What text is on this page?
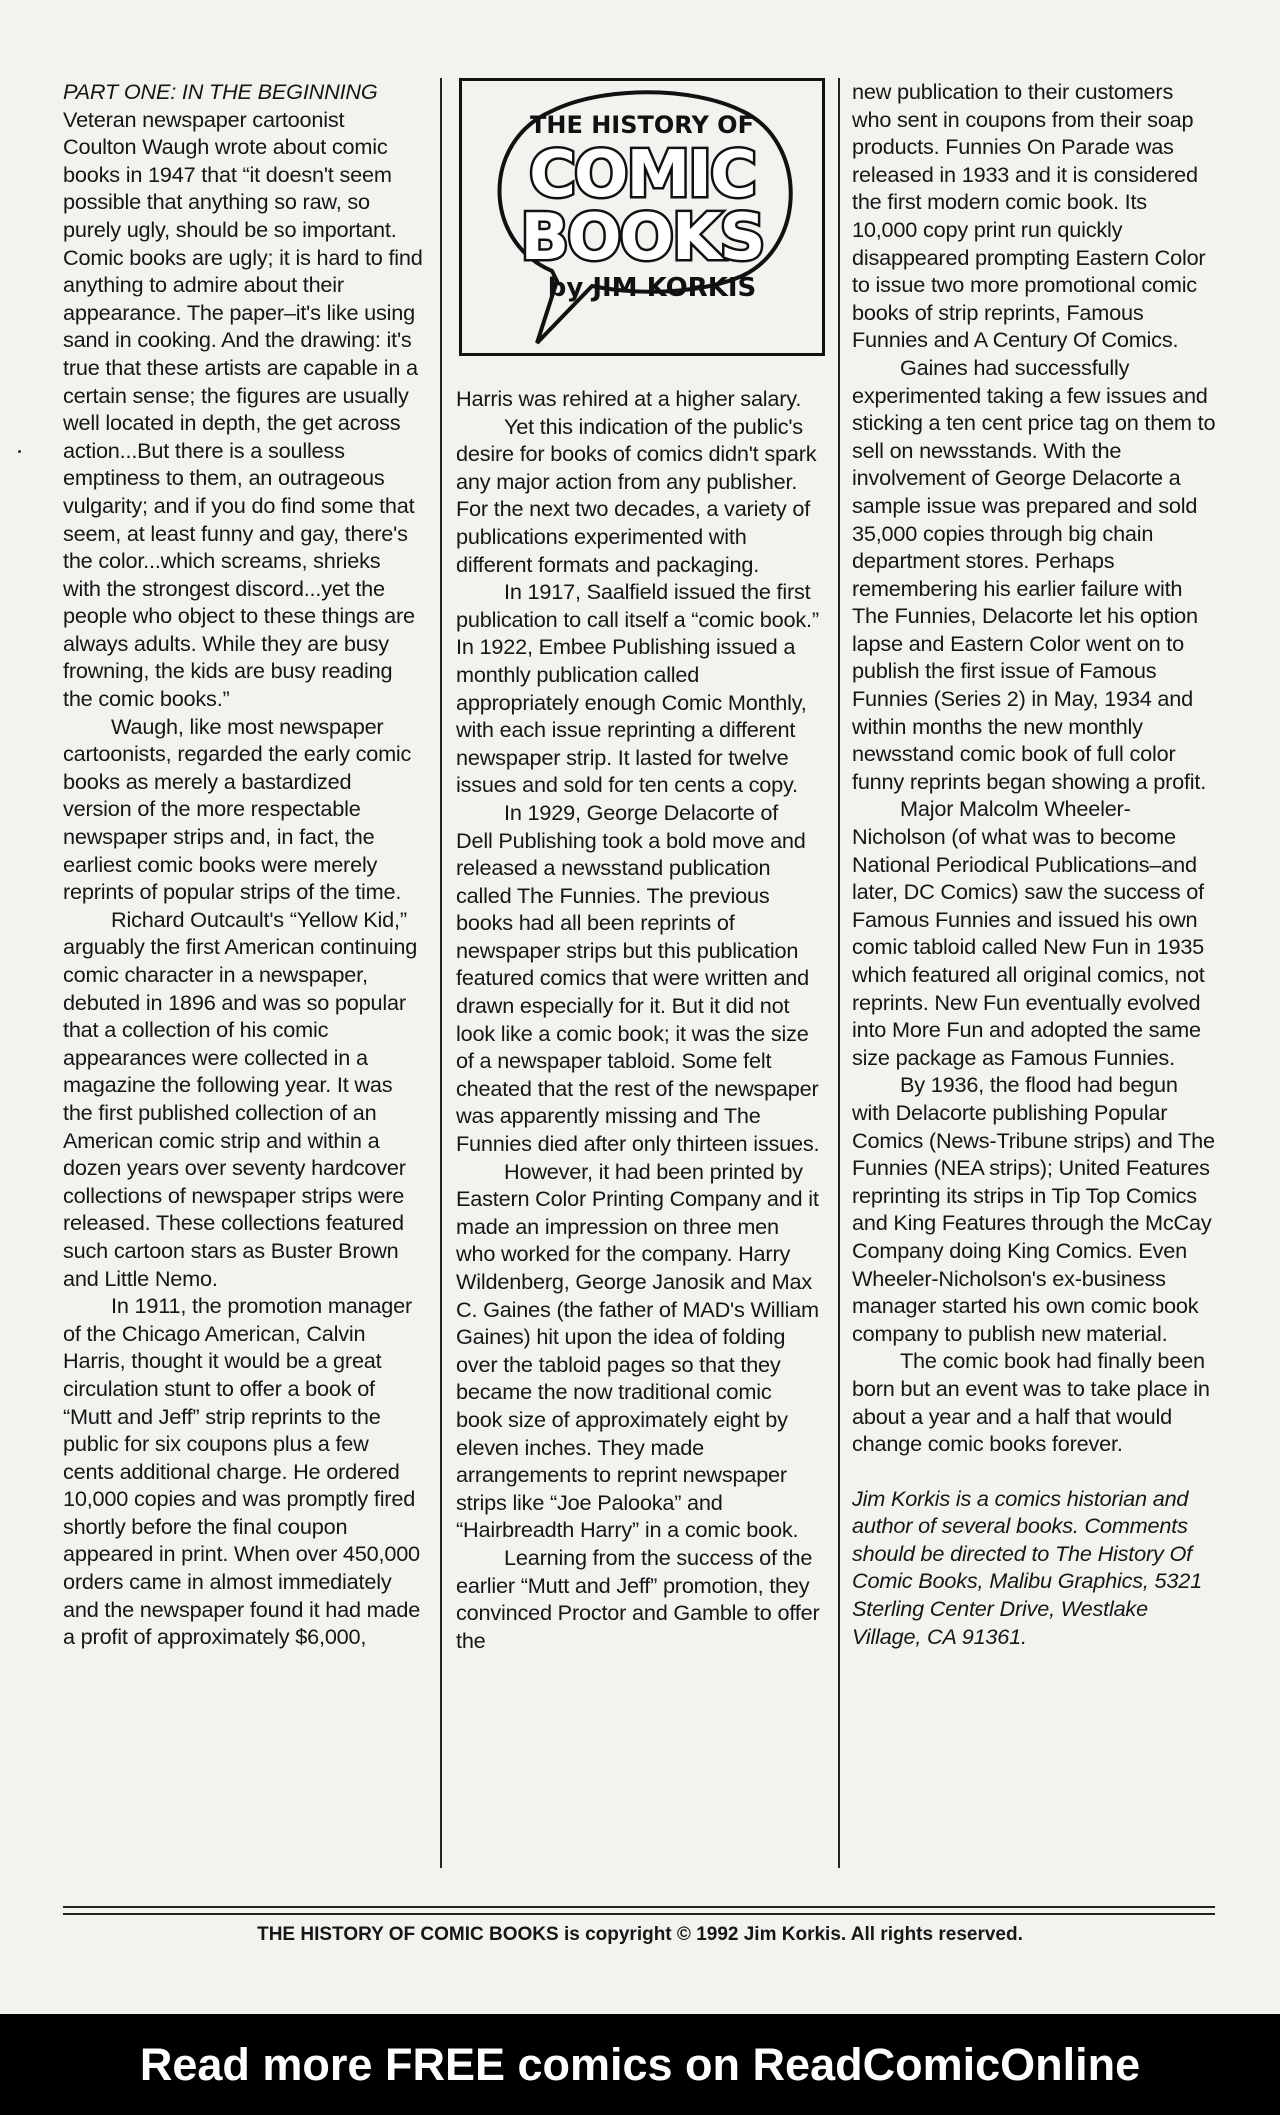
THE HISTORY OF
COMIC
BOOKS
by JIM KORKIS

PART ONE: IN THE BEGINNING Veteran newspaper cartoonist Coulton Waugh wrote about comic books in 1947 that “it doesn't seem possible that anything so raw, so purely ugly, should be so important. Comic books are ugly; it is hard to find anything to admire about their appearance. The paper–it's like using sand in cooking. And the drawing: it's true that these artists are capable in a certain sense; the figures are usually well located in depth, the get across action...But there is a soulless emptiness to them, an outrageous vulgarity; and if you do find some that seem, at least funny and gay, there's the color...which screams, shrieks with the strongest discord...yet the people who object to these things are always adults. While they are busy frowning, the kids are busy reading the comic books.”

Waugh, like most newspaper cartoonists, regarded the early comic books as merely a bastardized version of the more respectable newspaper strips and, in fact, the earliest comic books were merely reprints of popular strips of the time.

Richard Outcault's “Yellow Kid,” arguably the first American continuing comic character in a newspaper, debuted in 1896 and was so popular that a collection of his comic appearances were collected in a magazine the following year. It was the first published collection of an American comic strip and within a dozen years over seventy hardcover collections of newspaper strips were released. These collections featured such cartoon stars as Buster Brown and Little Nemo.

In 1911, the promotion manager of the Chicago American, Calvin Harris, thought it would be a great circulation stunt to offer a book of “Mutt and Jeff” strip reprints to the public for six coupons plus a few cents additional charge. He ordered 10,000 copies and was promptly fired shortly before the final coupon appeared in print. When over 450,000 orders came in almost immediately and the newspaper found it had made a profit of approximately $6,000,

Harris was rehired at a higher salary.

Yet this indication of the public's desire for books of comics didn't spark any major action from any publisher. For the next two decades, a variety of publications experimented with different formats and packaging.

In 1917, Saalfield issued the first publication to call itself a “comic book.” In 1922, Embee Publishing issued a monthly publication called appropriately enough Comic Monthly, with each issue reprinting a different newspaper strip. It lasted for twelve issues and sold for ten cents a copy.

In 1929, George Delacorte of Dell Publishing took a bold move and released a newsstand publication called The Funnies. The previous books had all been reprints of newspaper strips but this publication featured comics that were written and drawn especially for it. But it did not look like a comic book; it was the size of a newspaper tabloid. Some felt cheated that the rest of the newspaper was apparently missing and The Funnies died after only thirteen issues.

However, it had been printed by Eastern Color Printing Company and it made an impression on three men who worked for the company. Harry Wildenberg, George Janosik and Max C. Gaines (the father of MAD's William Gaines) hit upon the idea of folding over the tabloid pages so that they became the now traditional comic book size of approximately eight by eleven inches. They made arrangements to reprint newspaper strips like “Joe Palooka” and “Hairbreadth Harry” in a comic book.

Learning from the success of the earlier “Mutt and Jeff” promotion, they convinced Proctor and Gamble to offer the

new publication to their customers who sent in coupons from their soap products. Funnies On Parade was released in 1933 and it is considered the first modern comic book. Its 10,000 copy print run quickly disappeared prompting Eastern Color to issue two more promotional comic books of strip reprints, Famous Funnies and A Century Of Comics.

Gaines had successfully experimented taking a few issues and sticking a ten cent price tag on them to sell on newsstands. With the involvement of George Delacorte a sample issue was prepared and sold 35,000 copies through big chain department stores. Perhaps remembering his earlier failure with The Funnies, Delacorte let his option lapse and Eastern Color went on to publish the first issue of Famous Funnies (Series 2) in May, 1934 and within months the new monthly newsstand comic book of full color funny reprints began showing a profit.

Major Malcolm Wheeler-Nicholson (of what was to become National Periodical Publications–and later, DC Comics) saw the success of Famous Funnies and issued his own comic tabloid called New Fun in 1935 which featured all original comics, not reprints. New Fun eventually evolved into More Fun and adopted the same size package as Famous Funnies.

By 1936, the flood had begun with Delacorte publishing Popular Comics (News-Tribune strips) and The Funnies (NEA strips); United Features reprinting its strips in Tip Top Comics and King Features through the McCay Company doing King Comics. Even Wheeler-Nicholson's ex-business manager started his own comic book company to publish new material.

The comic book had finally been born but an event was to take place in about a year and a half that would change comic books forever.

Jim Korkis is a comics historian and author of several books. Comments should be directed to The History Of Comic Books, Malibu Graphics, 5321 Sterling Center Drive, Westlake Village, CA 91361.

THE HISTORY OF COMIC BOOKS is copyright © 1992 Jim Korkis. All rights reserved.
Read more FREE comics on ReadComicOnline
